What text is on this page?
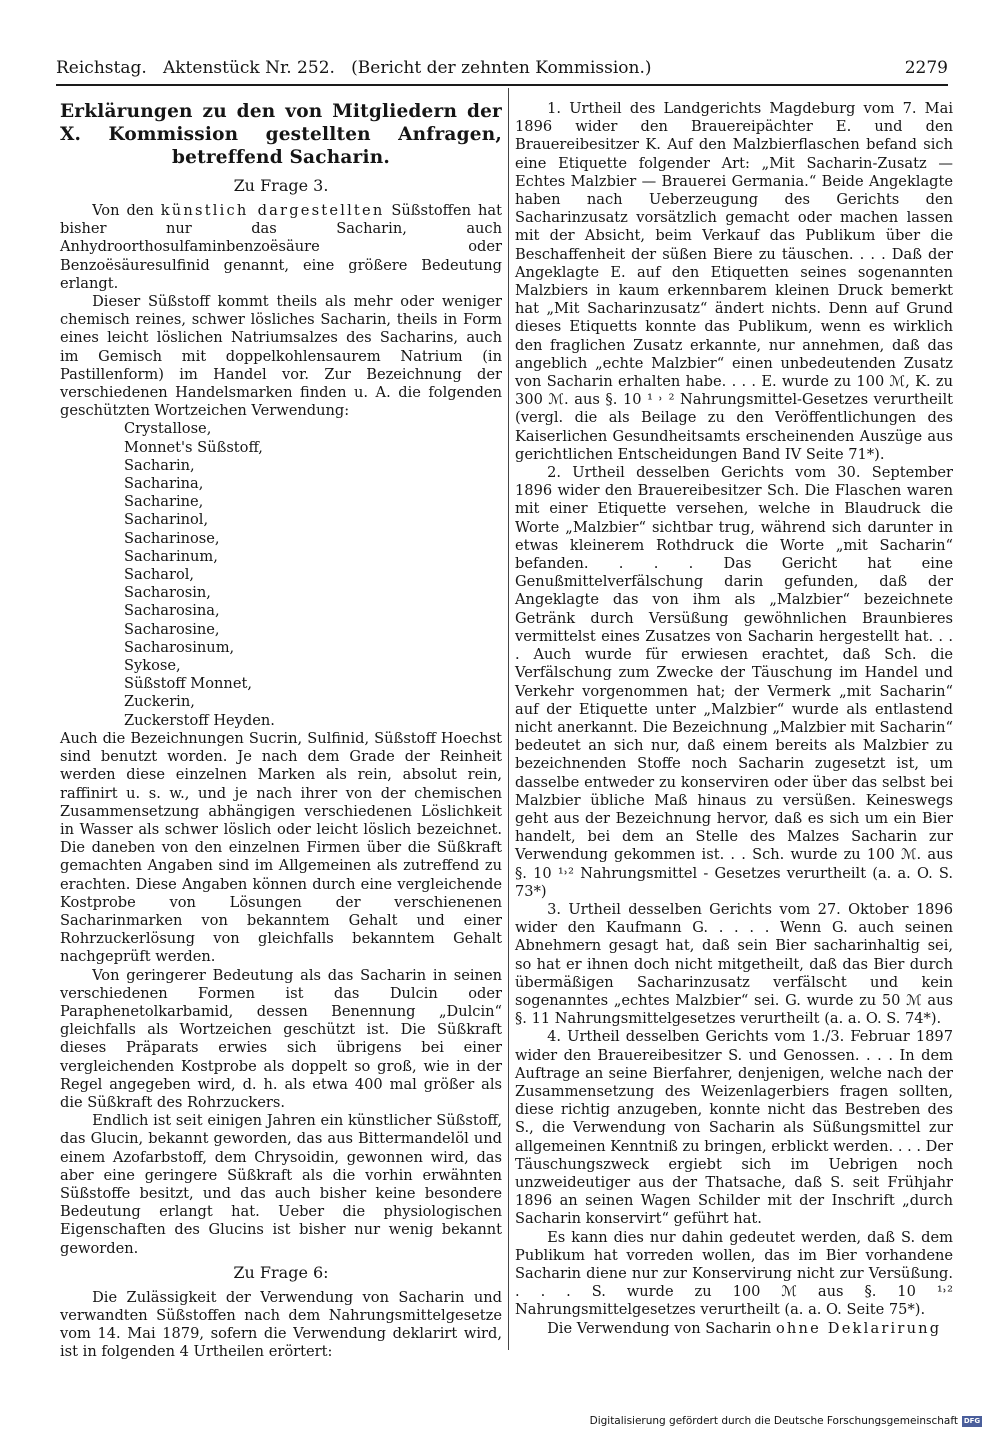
Reichstag. Aktenstück Nr. 252. (Bericht der zehnten Kommission.)	2279
Erklärungen zu den von Mitgliedern der X. Kommission gestellten Anfragen, betreffend Sacharin.
Zu Frage 3.

Von den künstlich dargestellten Süßstoffen hat bisher nur das Sacharin, auch Anhydroorthosulfaminbenzoësäure oder Benzoësäuresulfinid genannt, eine größere Bedeutung erlangt.

Dieser Süßstoff kommt theils als mehr oder weniger chemisch reines, schwer lösliches Sacharin, theils in Form eines leicht löslichen Natriumsalzes des Sacharins, auch im Gemisch mit doppelkohlensaurem Natrium (in Pastillenform) im Handel vor. Zur Bezeichnung der verschiedenen Handelsmarken finden u. A. die folgenden geschützten Wortzeichen Verwendung:

Crystallose,
Monnet's Süßstoff,
Sacharin,
Sacharina,
Sacharine,
Sacharinol,
Sacharinose,
Sacharinum,
Sacharol,
Sacharosin,
Sacharosina,
Sacharosine,
Sacharosinum,
Sykose,
Süßstoff Monnet,
Zuckerin,
Zuckerstoff Heyden.

Auch die Bezeichnungen Sucrin, Sulfinid, Süßstoff Hoechst sind benutzt worden. Je nach dem Grade der Reinheit werden diese einzelnen Marken als rein, absolut rein, raffinirt u. s. w., und je nach ihrer von der chemischen Zusammensetzung abhängigen verschiedenen Löslichkeit in Wasser als schwer löslich oder leicht löslich bezeichnet. Die daneben von den einzelnen Firmen über die Süßkraft gemachten Angaben sind im Allgemeinen als zutreffend zu erachten. Diese Angaben können durch eine vergleichende Kostprobe von Lösungen der verschienenen Sacharinmarken von bekanntem Gehalt und einer Rohrzuckerlösung von gleichfalls bekanntem Gehalt nachgeprüft werden.

Von geringerer Bedeutung als das Sacharin in seinen verschiedenen Formen ist das Dulcin oder Paraphenetolkarbamid, dessen Benennung „Dulcin“ gleichfalls als Wortzeichen geschützt ist. Die Süßkraft dieses Präparats erwies sich übrigens bei einer vergleichenden Kostprobe als doppelt so groß, wie in der Regel angegeben wird, d. h. als etwa 400 mal größer als die Süßkraft des Rohrzuckers.

Endlich ist seit einigen Jahren ein künstlicher Süßstoff, das Glucin, bekannt geworden, das aus Bittermandelöl und einem Azofarbstoff, dem Chrysoidin, gewonnen wird, das aber eine geringere Süßkraft als die vorhin erwähnten Süßstoffe besitzt, und das auch bisher keine besondere Bedeutung erlangt hat. Ueber die physiologischen Eigenschaften des Glucins ist bisher nur wenig bekannt geworden.

Zu Frage 6:

Die Zulässigkeit der Verwendung von Sacharin und verwandten Süßstoffen nach dem Nahrungsmittelgesetze vom 14. Mai 1879, sofern die Verwendung deklarirt wird, ist in folgenden 4 Urtheilen erörtert:

1. Urtheil des Landgerichts Magdeburg vom 7. Mai 1896 wider den Brauereipächter E. und den Brauereibesitzer K. Auf den Malzbierflaschen befand sich eine Etiquette folgender Art: „Mit Sacharin-Zusatz — Echtes Malzbier — Brauerei Germania.“ Beide Angeklagte haben nach Ueberzeugung des Gerichts den Sacharinzusatz vorsätzlich gemacht oder machen lassen mit der Absicht, beim Verkauf das Publikum über die Beschaffenheit der süßen Biere zu täuschen. . . . Daß der Angeklagte E. auf den Etiquetten seines sogenannten Malzbiers in kaum erkennbarem kleinen Druck bemerkt hat „Mit Sacharinzusatz“ ändert nichts. Denn auf Grund dieses Etiquetts konnte das Publikum, wenn es wirklich den fraglichen Zusatz erkannte, nur annehmen, daß das angeblich „echte Malzbier“ einen unbedeutenden Zusatz von Sacharin erhalten habe. . . . E. wurde zu 100 ℳ, K. zu 300 ℳ. aus §. 10 ¹ ˒ ² Nahrungsmittel-Gesetzes verurtheilt (vergl. die als Beilage zu den Veröffentlichungen des Kaiserlichen Gesundheitsamts erscheinenden Auszüge aus gerichtlichen Entscheidungen Band IV Seite 71*).

2. Urtheil desselben Gerichts vom 30. September 1896 wider den Brauereibesitzer Sch. Die Flaschen waren mit einer Etiquette versehen, welche in Blaudruck die Worte „Malzbier“ sichtbar trug, während sich darunter in etwas kleinerem Rothdruck die Worte „mit Sacharin“ befanden. . . . Das Gericht hat eine Genußmittelverfälschung darin gefunden, daß der Angeklagte das von ihm als „Malzbier“ bezeichnete Getränk durch Versüßung gewöhnlichen Braunbieres vermittelst eines Zusatzes von Sacharin hergestellt hat. . . . Auch wurde für erwiesen erachtet, daß Sch. die Verfälschung zum Zwecke der Täuschung im Handel und Verkehr vorgenommen hat; der Vermerk „mit Sacharin“ auf der Etiquette unter „Malzbier“ wurde als entlastend nicht anerkannt. Die Bezeichnung „Malzbier mit Sacharin“ bedeutet an sich nur, daß einem bereits als Malzbier zu bezeichnenden Stoffe noch Sacharin zugesetzt ist, um dasselbe entweder zu konserviren oder über das selbst bei Malzbier übliche Maß hinaus zu versüßen. Keineswegs geht aus der Bezeichnung hervor, daß es sich um ein Bier handelt, bei dem an Stelle des Malzes Sacharin zur Verwendung gekommen ist. . . Sch. wurde zu 100 ℳ. aus §. 10 ¹˒² Nahrungsmittel - Gesetzes verurtheilt (a. a. O. S. 73*)

3. Urtheil desselben Gerichts vom 27. Oktober 1896 wider den Kaufmann G. . . . . Wenn G. auch seinen Abnehmern gesagt hat, daß sein Bier sacharinhaltig sei, so hat er ihnen doch nicht mitgetheilt, daß das Bier durch übermäßigen Sacharinzusatz verfälscht und kein sogenanntes „echtes Malzbier“ sei. G. wurde zu 50 ℳ aus §. 11 Nahrungsmittelgesetzes verurtheilt (a. a. O. S. 74*).

4. Urtheil desselben Gerichts vom 1./3. Februar 1897 wider den Brauereibesitzer S. und Genossen. . . . In dem Auftrage an seine Bierfahrer, denjenigen, welche nach der Zusammensetzung des Weizenlagerbiers fragen sollten, diese richtig anzugeben, konnte nicht das Bestreben des S., die Verwendung von Sacharin als Süßungsmittel zur allgemeinen Kenntniß zu bringen, erblickt werden. . . . Der Täuschungszweck ergiebt sich im Uebrigen noch unzweideutiger aus der Thatsache, daß S. seit Frühjahr 1896 an seinen Wagen Schilder mit der Inschrift „durch Sacharin konservirt“ geführt hat.

Es kann dies nur dahin gedeutet werden, daß S. dem Publikum hat vorreden wollen, das im Bier vorhandene Sacharin diene nur zur Konservirung nicht zur Versüßung. . . . S. wurde zu 100 ℳ aus §. 10 ¹˒² Nahrungsmittelgesetzes verurtheilt (a. a. O. Seite 75*).

Die Verwendung von Sacharin ohne Deklarirung

Digitalisierung gefördert durch die Deutsche Forschungsgemeinschaft DFG
